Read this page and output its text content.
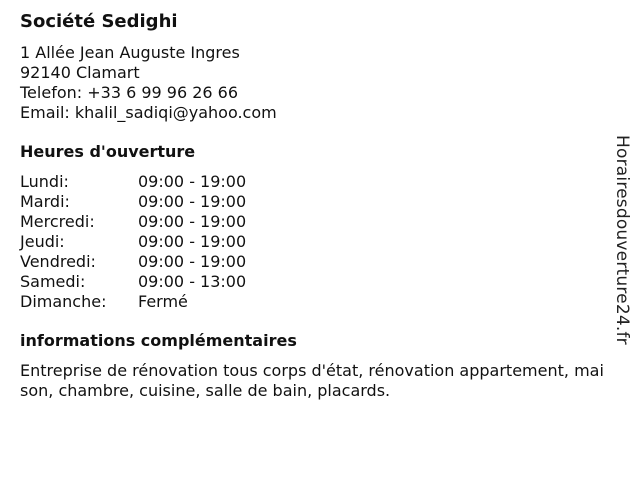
Société Sedighi
1 Allée Jean Auguste Ingres
92140 Clamart
Telefon: +33 6 99 96 26 66
Email: khalil_sadiqi@yahoo.com
Heures d'ouverture
Lundi:	09:00 - 19:00
Mardi:	09:00 - 19:00
Mercredi:	09:00 - 19:00
Jeudi:	09:00 - 19:00
Vendredi:	09:00 - 19:00
Samedi:	09:00 - 13:00
Dimanche:	Fermé
informations complémentaires
Entreprise de rénovation tous corps d'état, rénovation appartement, maison, chambre, cuisine, salle de bain, placards.
Horairesdouverture24.fr
